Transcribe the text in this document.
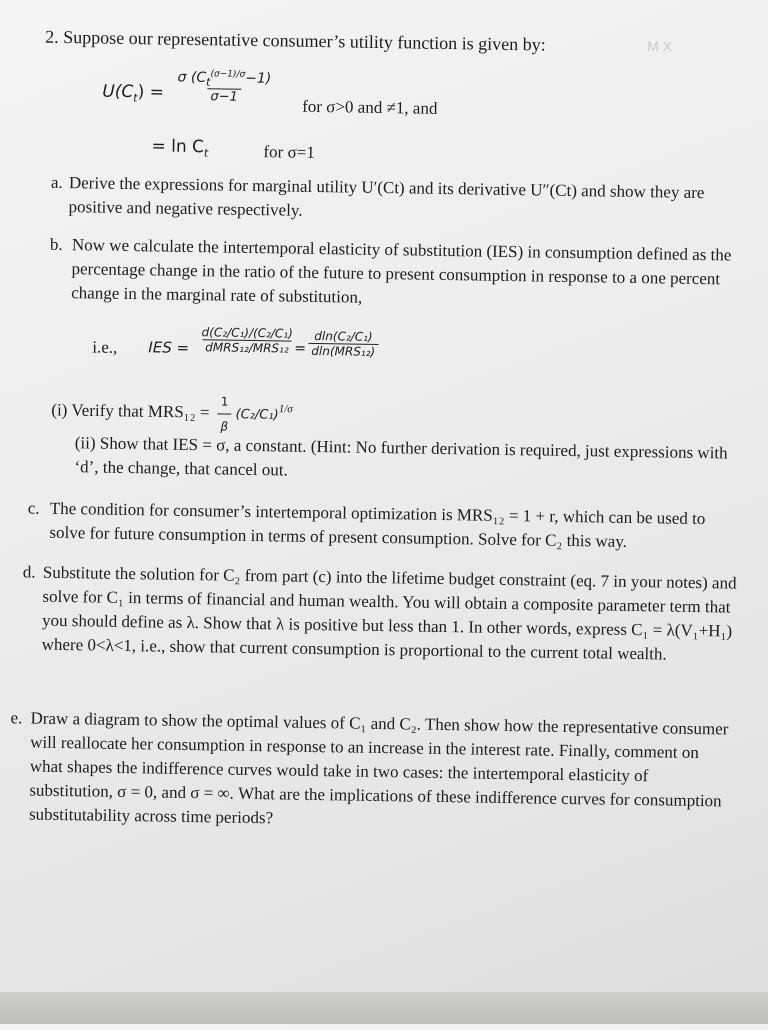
M X
2. Suppose our representative consumer’s utility function is given by:
$U(C_t) = \frac{\sigma (C_t^{(\sigma-1)/\sigma}-1)}{\sigma-1}$
for σ>0 and ≠1, and
= $\ln C_t$	for σ=1
a. Derive the expressions for marginal utility U′(Ct) and its derivative U″(Ct) and show they are positive and negative respectively.
b. Now we calculate the intertemporal elasticity of substitution (IES) in consumption defined as the percentage change in the ratio of the future to present consumption in response to a one percent change in the marginal rate of substitution,
i.e., IES = $\frac{\text{d(C₂/C₁)/(C₂/C₁)}}{\text{dMRS₁₂/MRS₁₂}}$
= $\frac{\text{dln(C₂/C₁)}}{\text{dln(MRS₁₂)}}$
(i) Verify that $MRS_{12} = \frac{1}{\beta} (C_2/C_1)^{1/\sigma}$
(ii) Show that IES = σ, a constant. (Hint: No further derivation is required, just expressions with ‘d’, the change, that cancel out.
c. The condition for consumer’s intertemporal optimization is MRS₁₂ = 1 + r, which can be used to solve for future consumption in terms of present consumption. Solve for C₂ this way.
d. Substitute the solution for C₂ from part (c) into the lifetime budget constraint (eq. 7 in your notes) and solve for C₁ in terms of financial and human wealth. You will obtain a composite parameter term that you should define as λ. Show that λ is positive but less than 1. In other words, express C₁ = λ(V₁+H₁) where 0<λ<1, i.e., show that current consumption is proportional to the current total wealth.
e. Draw a diagram to show the optimal values of C₁ and C₂. Then show how the representative consumer will reallocate her consumption in response to an increase in the interest rate. Finally, comment on what shapes the indifference curves would take in two cases: the intertemporal elasticity of substitution, σ = 0, and σ = ∞. What are the implications of these indifference curves for consumption substitutability across time periods?
